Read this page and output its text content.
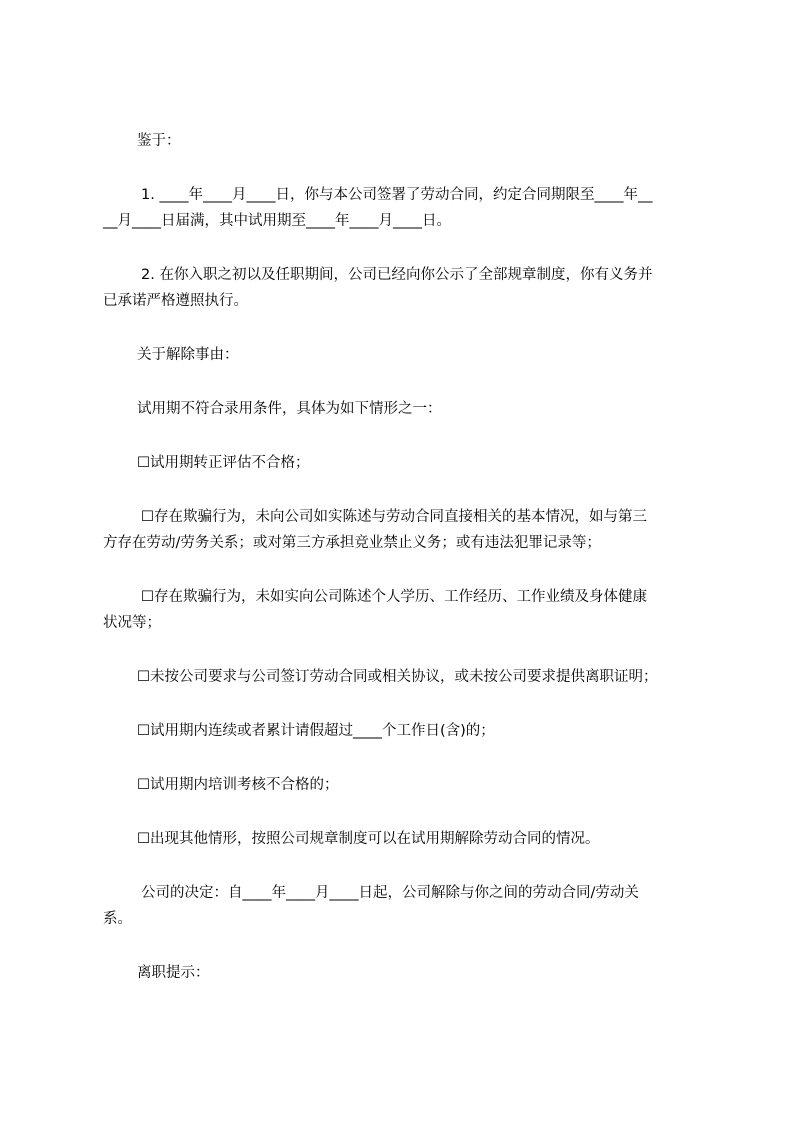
鉴于：
1. ____年____月____日，你与本公司签署了劳动合同，约定合同期限至____年__
__月____日届满，其中试用期至____年____月____日。
2. 在你入职之初以及任职期间，公司已经向你公示了全部规章制度，你有义务并
已承诺严格遵照执行。
关于解除事由：
试用期不符合录用条件，具体为如下情形之一：
☐试用期转正评估不合格；
☐存在欺骗行为，未向公司如实陈述与劳动合同直接相关的基本情况，如与第三
方存在劳动/劳务关系；或对第三方承担竞业禁止义务；或有违法犯罪记录等；
☐存在欺骗行为，未如实向公司陈述个人学历、工作经历、工作业绩及身体健康
状况等；
☐未按公司要求与公司签订劳动合同或相关协议，或未按公司要求提供离职证明；
☐试用期内连续或者累计请假超过____个工作日(含)的；
☐试用期内培训考核不合格的；
☐出现其他情形，按照公司规章制度可以在试用期解除劳动合同的情况。
公司的决定：自____年____月____日起，公司解除与你之间的劳动合同/劳动关
系。
离职提示：
